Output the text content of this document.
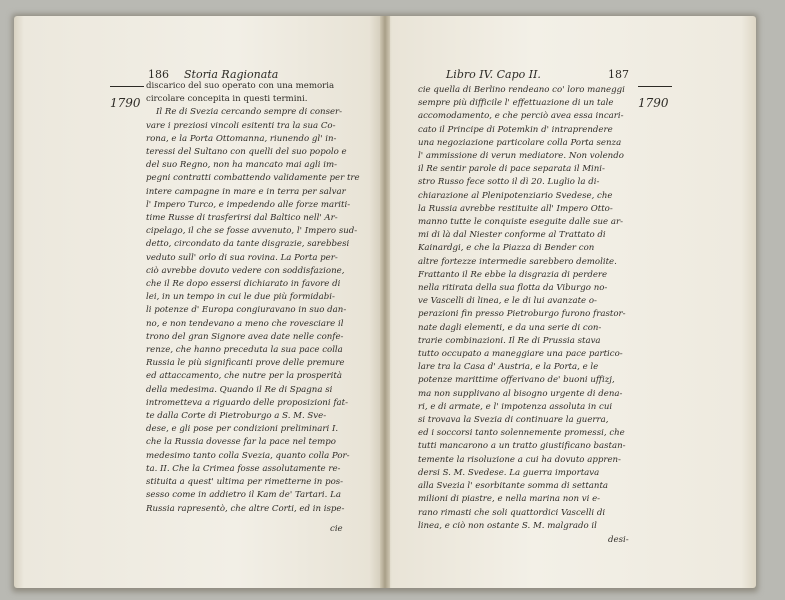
186 Storia Ragionata
1790
discarico del suo operato con una memoria
circolare concepita in questi termini.
Il Re di Svezia cercando sempre di conser-
vare i preziosi vincoli esitenti tra la sua Co-
rona, e la Porta Ottomanna, riunendo gl' in-
teressi del Sultano con quelli del suo popolo e
del suo Regno, non ha mancato mai agli im-
pegni contratti combattendo validamente per tre
intere campagne in mare e in terra per salvar
l' Impero Turco, e impedendo alle forze mariti-
time Russe di trasferirsi dal Baltico nell' Ar-
cipelago, il che se fosse avvenuto, l' Impero sud-
detto, circondato da tante disgrazie, sarebbesi
veduto sull' orlo di sua rovina. La Porta per-
ciò avrebbe dovuto vedere con soddisfazione,
che il Re dopo essersi dichiarato in favore di
lei, in un tempo in cui le due più formidabi-
li potenze d' Europa congiuravano in suo dan-
no, e non tendevano a meno che rovesciare il
trono del gran Signore avea date nelle confe-
renze, che hanno preceduta la sua pace colla
Russia le più significanti prove delle premure
ed attaccamento, che nutre per la prosperità
della medesima. Quando il Re di Spagna si
intrometteva a riguardo delle proposizioni fat-
te dalla Corte di Pietroburgo a S. M. Sve-
dese, e gli pose per condizioni preliminari I.
che la Russia dovesse far la pace nel tempo
medesimo tanto colla Svezia, quanto colla Por-
ta. II. Che la Crimea fosse assolutamente re-
stituita a quest' ultima per rimetterne in pos-
sesso come in addietro il Kam de' Tartari. La
Russia rapresentò, che altre Corti, ed in ispe-
cie
Libro IV. Capo II.	187
1790
cie quella di Berlino rendeano co' loro maneggi
sempre più difficile l' effettuazione di un tale
accomodamento, e che perciò avea essa incari-
cato il Principe di Potemkin d' intraprendere
una negoziazione particolare colla Porta senza
l' ammissione di verun mediatore. Non volendo
il Re sentir parole di pace separata il Mini-
stro Russo fece sotto il dì 20. Luglio la di-
chiarazione al Plenipotenziario Svedese, che
la Russia avrebbe restituite all' Impero Otto-
manno tutte le conquiste eseguite dalle sue ar-
mi di là dal Niester conforme al Trattato di
Kainardgi, e che la Piazza di Bender con
altre fortezze intermedie sarebbero demolite.
Frattanto il Re ebbe la disgrazia di perdere
nella ritirata della sua flotta da Viburgo no-
ve Vascelli di linea, e le di lui avanzate o-
perazioni fin presso Pietroburgo furono frastor-
nate dagli elementi, e da una serie di con-
trarie combinazioni. Il Re di Prussia stava
tutto occupato a maneggiare una pace partico-
lare tra la Casa d' Austria, e la Porta, e le
potenze marittime offerivano de' buoni uffizj,
ma non supplivano al bisogno urgente di dena-
ri, e di armate, e l' impotenza assoluta in cui
si trovava la Svezia di continuare la guerra,
ed i soccorsi tanto solennemente promessi, che
tutti mancarono a un tratto giustificano bastan-
temente la risoluzione a cui ha dovuto appren-
dersi S. M. Svedese. La guerra importava
alla Svezia l' esorbitante somma di settanta
milioni di piastre, e nella marina non vi e-
rano rimasti che soli quattordici Vascelli di
linea, e ciò non ostante S. M. malgrado il
desi-
